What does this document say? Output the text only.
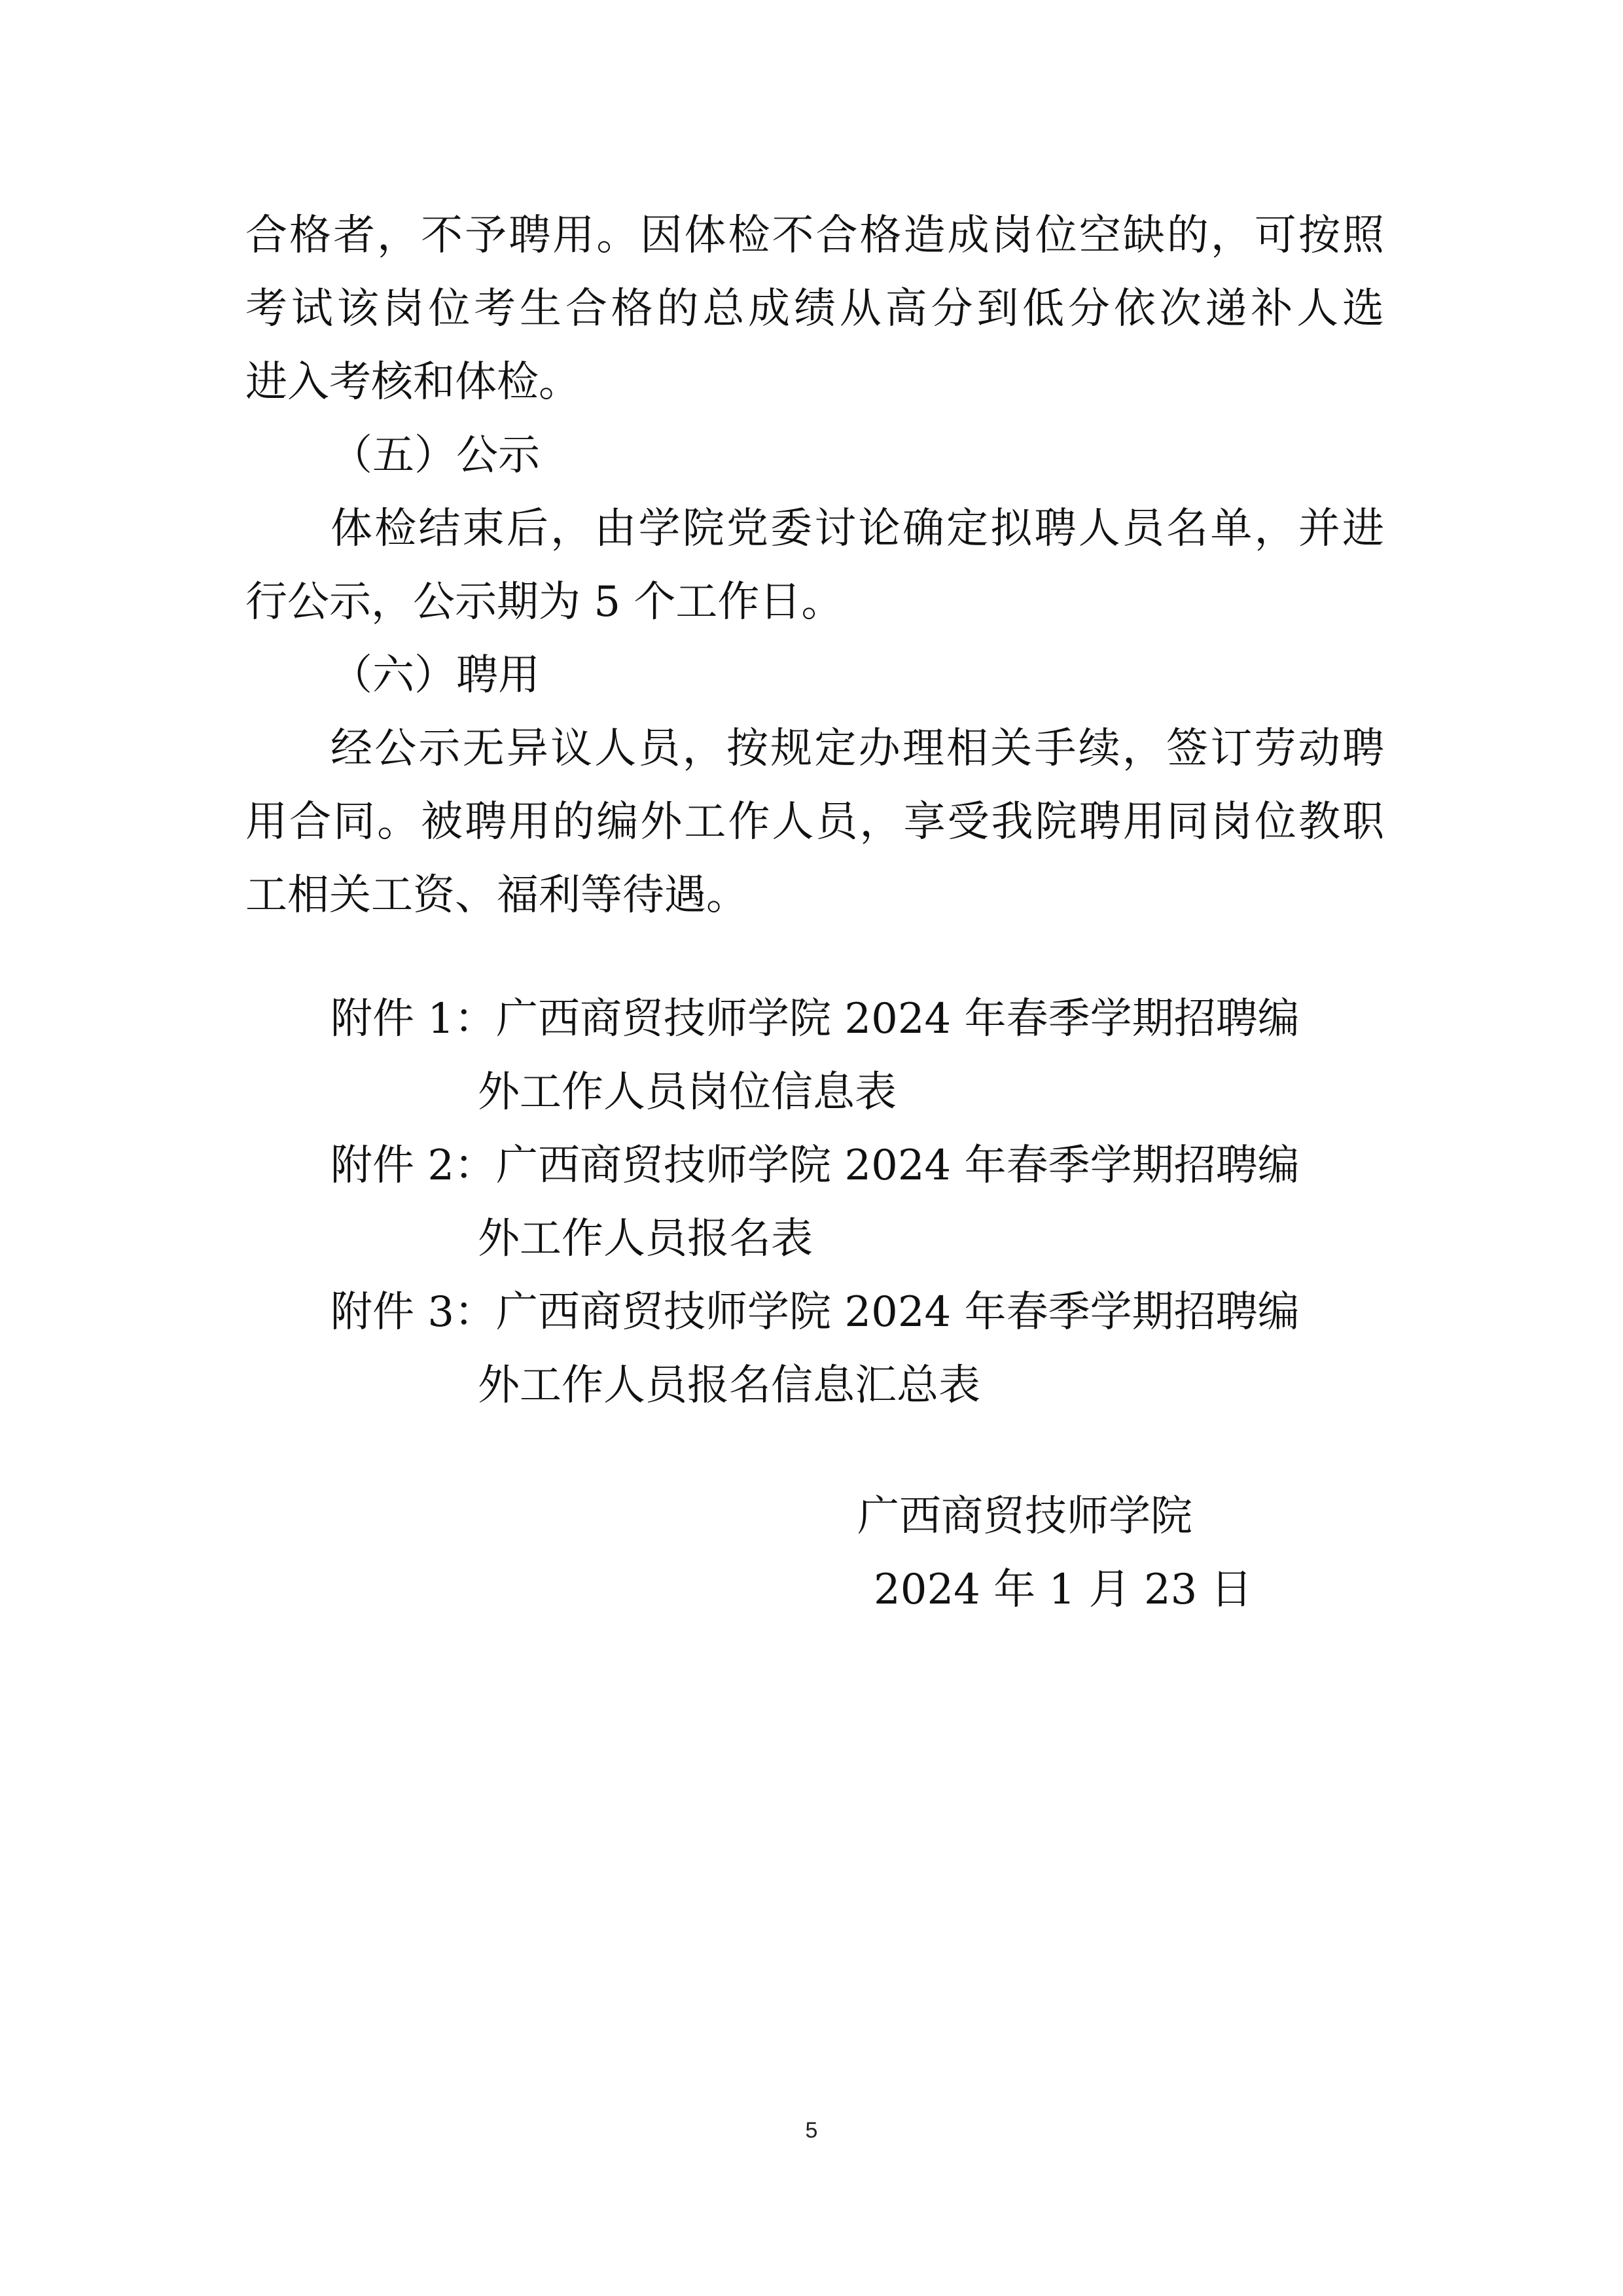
合格者，不予聘用。因体检不合格造成岗位空缺的，可按照

考试该岗位考生合格的总成绩从高分到低分依次递补人选

进入考核和体检。

（五）公示

体检结束后，由学院党委讨论确定拟聘人员名单，并进

行公示，公示期为 5 个工作日。

（六）聘用

经公示无异议人员，按规定办理相关手续，签订劳动聘

用合同。被聘用的编外工作人员，享受我院聘用同岗位教职

工相关工资、福利等待遇。

附件 1：广西商贸技师学院 2024 年春季学期招聘编

外工作人员岗位信息表

附件 2：广西商贸技师学院 2024 年春季学期招聘编

外工作人员报名表

附件 3：广西商贸技师学院 2024 年春季学期招聘编

外工作人员报名信息汇总表

广西商贸技师学院

2024 年 1 月 23 日

5
